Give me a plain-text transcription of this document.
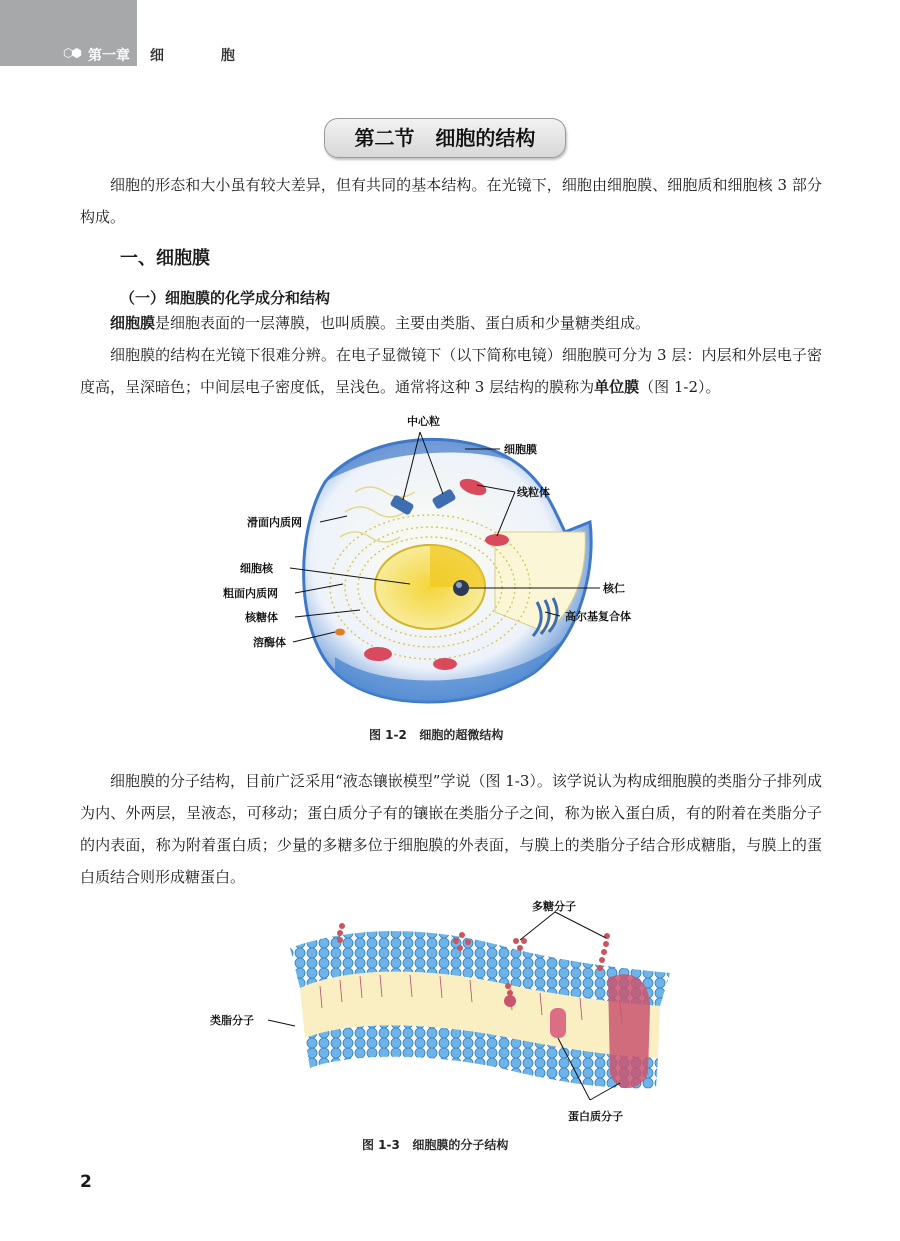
⬡⬢ 第一章 细 胞
第二节   细胞的结构

细胞的形态和大小虽有较大差异，但有共同的基本结构。在光镜下，细胞由细胞膜、细胞质和细胞核 3 部分构成。

一、细胞膜
（一）细胞膜的化学成分和结构

细胞膜是细胞表面的一层薄膜，也叫质膜。主要由类脂、蛋白质和少量糖类组成。

细胞膜的结构在光镜下很难分辨。在电子显微镜下（以下简称电镜）细胞膜可分为 3 层：内层和外层电子密度高，呈深暗色；中间层电子密度低，呈浅色。通常将这种 3 层结构的膜称为单位膜（图 1-2）。

中心粒
细胞膜
线粒体
滑面内质网
细胞核
粗面内质网	核仁
核糖体	高尔基复合体
溶酶体
图 1-2   细胞的超微结构

细胞膜的分子结构，目前广泛采用“液态镶嵌模型”学说（图 1-3）。该学说认为构成细胞膜的类脂分子排列成为内、外两层，呈液态，可移动；蛋白质分子有的镶嵌在类脂分子之间，称为嵌入蛋白质，有的附着在类脂分子的内表面，称为附着蛋白质；少量的多糖多位于细胞膜的外表面，与膜上的类脂分子结合形成糖脂，与膜上的蛋白质结合则形成糖蛋白。

多糖分子
类脂分子
蛋白质分子
图 1-3   细胞膜的分子结构
2
